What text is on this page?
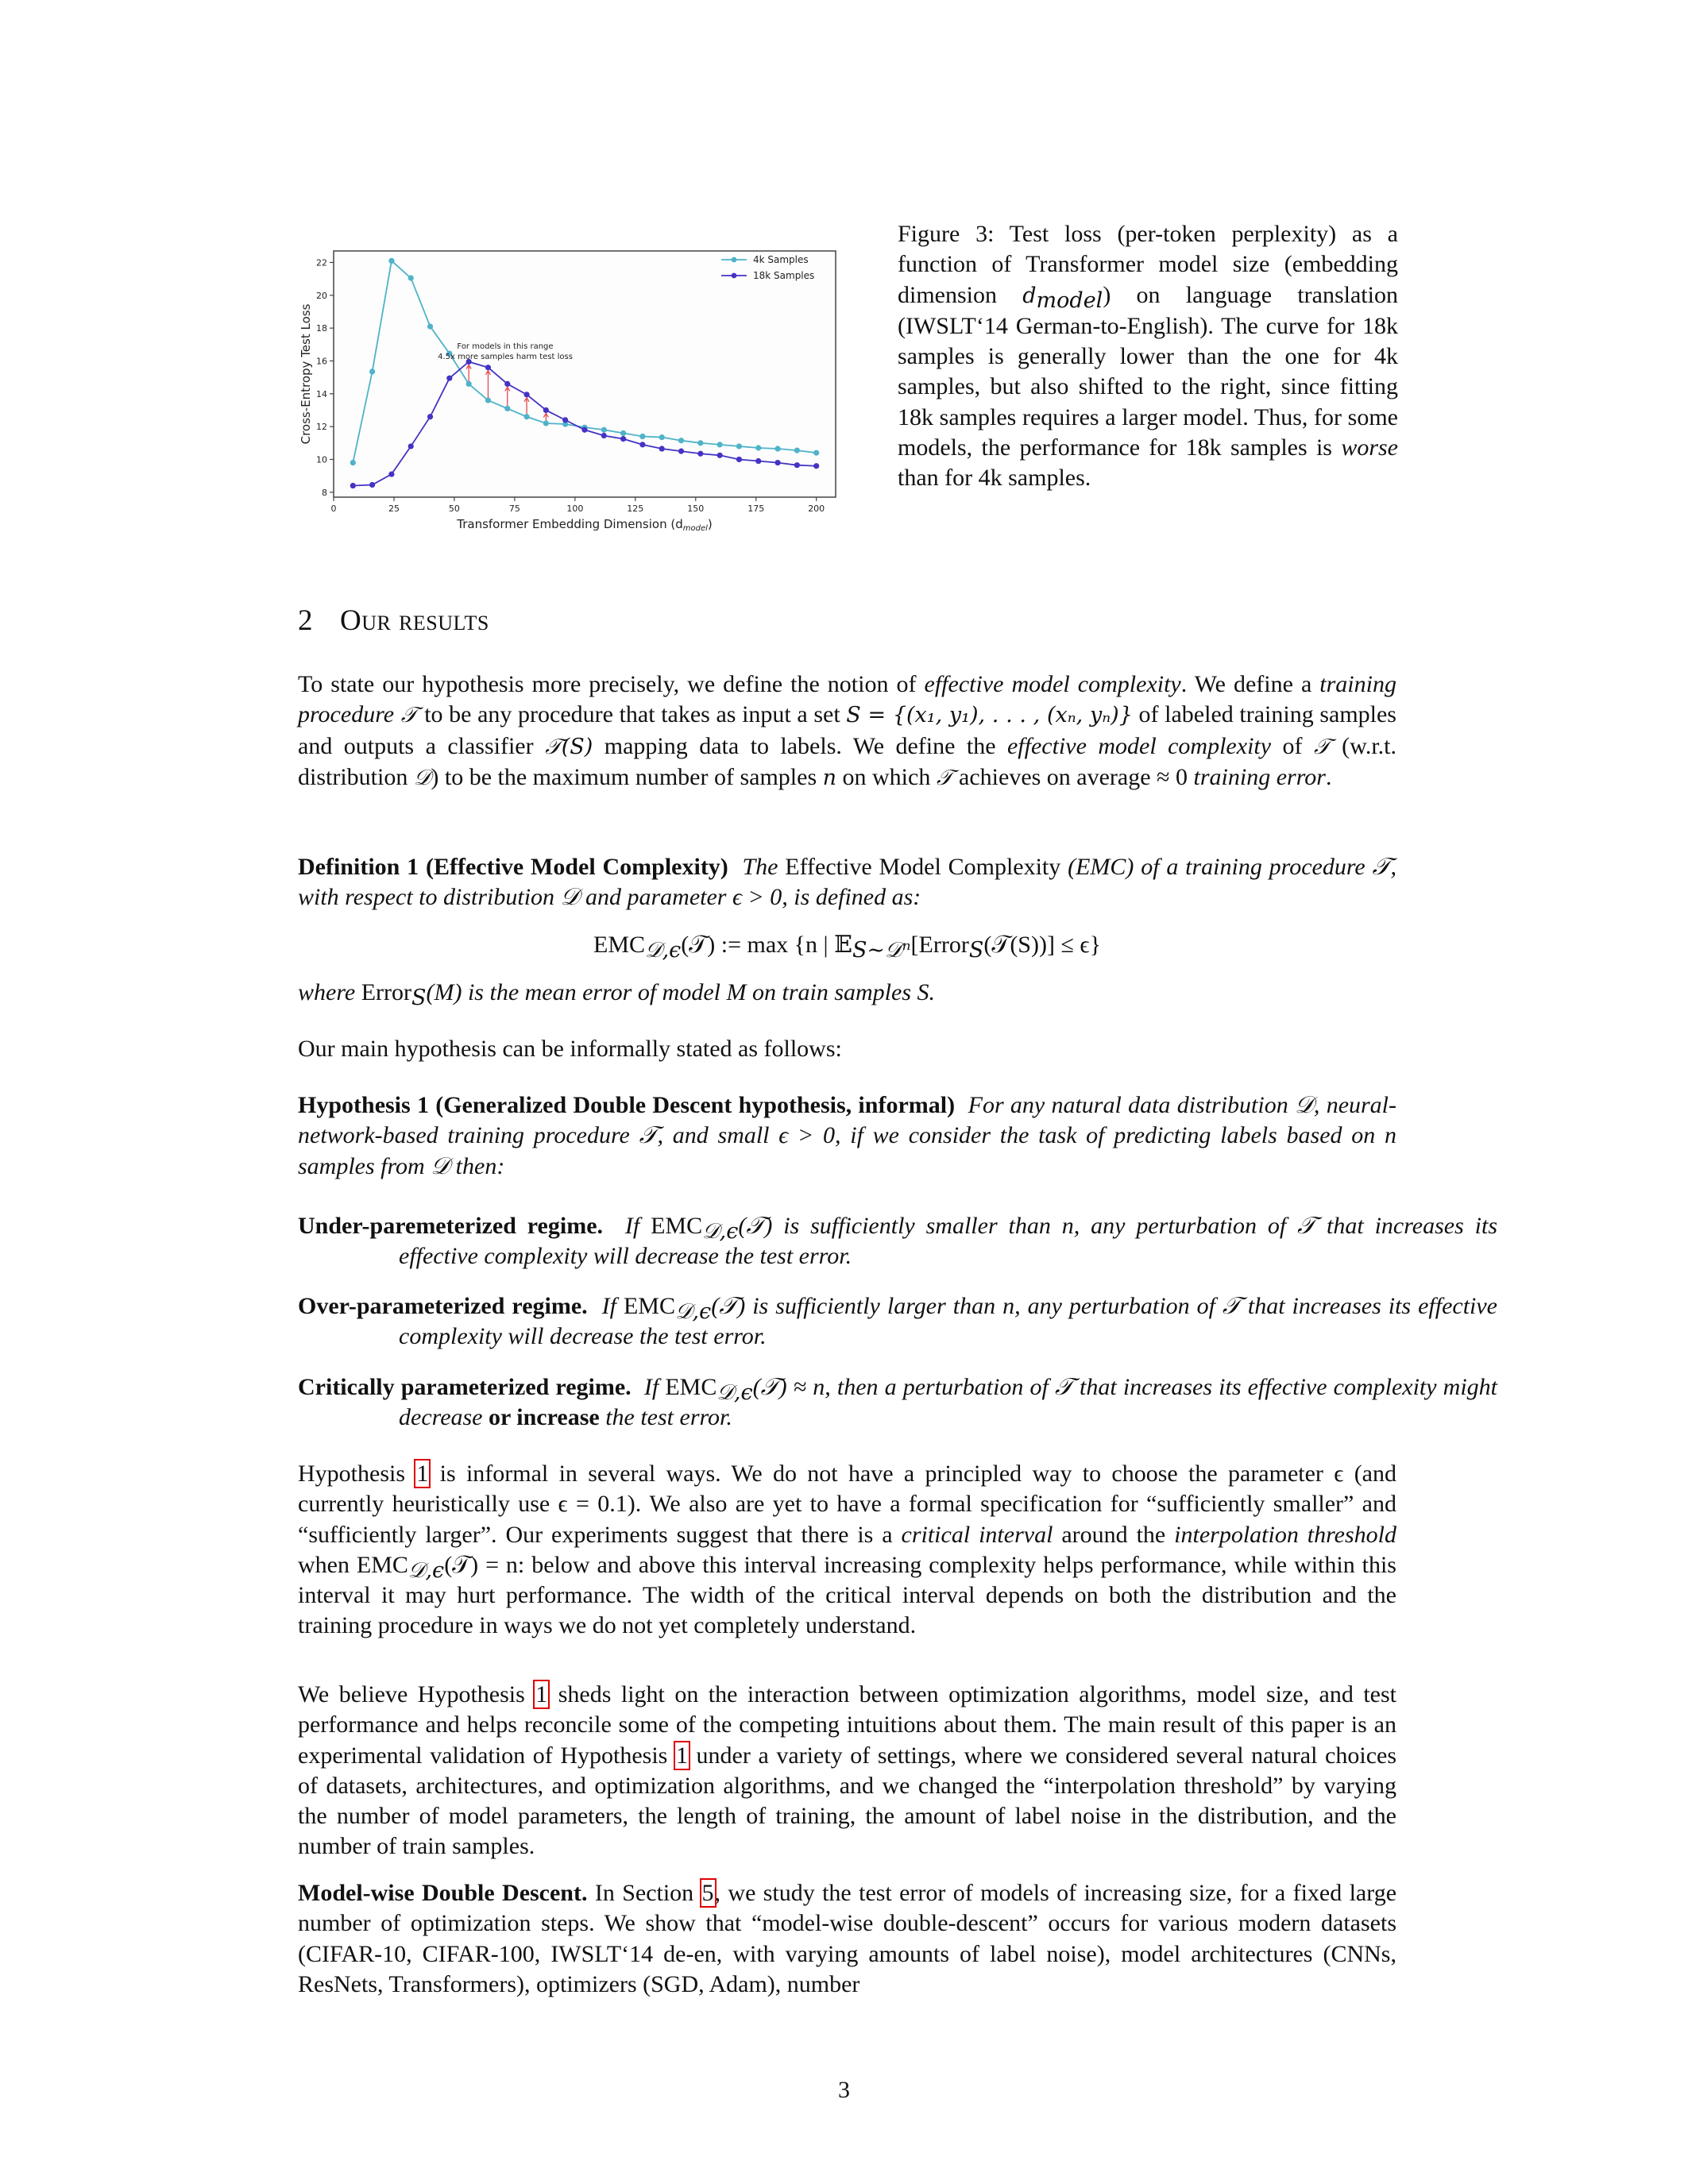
8
10
12
14
16
18
20
22
0	25	50	75	100	125	150	175	200
Cross-Entropy Test Loss
Transformer Embedding Dimension $(d_{model})$
For models in this range
4.5x more samples harm test loss
4k Samples
18k Samples
Figure 3: Test loss (per-token perplexity) as a function of Transformer model size (embedding dimension $d_{model}$) on language translation (IWSLT‘14 German-to-English). The curve for 18k samples is generally lower than the one for 4k samples, but also shifted to the right, since fitting 18k samples requires a larger model. Thus, for some models, the performance for 18k samples is worse than for 4k samples.
2 Our results
To state our hypothesis more precisely, we define the notion of effective model complexity. We define a training procedure 𝒯 to be any procedure that takes as input a set S = {(x₁, y₁), . . . , (xₙ, yₙ)} of labeled training samples and outputs a classifier 𝒯(S) mapping data to labels. We define the effective model complexity of 𝒯 (w.r.t. distribution 𝒟) to be the maximum number of samples n on which 𝒯 achieves on average ≈ 0 training error.
Definition 1 (Effective Model Complexity) The Effective Model Complexity (EMC) of a training procedure 𝒯, with respect to distribution 𝒟 and parameter ϵ > 0, is defined as:
$EMC_{𝒟,\epsilon}(𝒯)$ := max {n | 𝔼$_{S\sim 𝒟^n}$[Error$_S$(𝒯(S))] ≤ ϵ}
where Error$_S$(M) is the mean error of model M on train samples S.
Our main hypothesis can be informally stated as follows:
Hypothesis 1 (Generalized Double Descent hypothesis, informal) For any natural data distribution 𝒟, neural-network-based training procedure 𝒯, and small ϵ > 0, if we consider the task of predicting labels based on n samples from 𝒟 then:
Under-paremeterized regime. If $EMC_{𝒟,\epsilon}(𝒯)$ is sufficiently smaller than n, any perturbation of 𝒯 that increases its effective complexity will decrease the test error.
Over-parameterized regime. If $EMC_{𝒟,\epsilon}(𝒯)$ is sufficiently larger than n, any perturbation of 𝒯 that increases its effective complexity will decrease the test error.
Critically parameterized regime. If $EMC_{𝒟,\epsilon}(𝒯) \approx n$, then a perturbation of 𝒯 that increases its effective complexity might decrease or increase the test error.
Hypothesis 1 is informal in several ways. We do not have a principled way to choose the parameter ϵ (and currently heuristically use ϵ = 0.1). We also are yet to have a formal specification for “sufficiently smaller” and “sufficiently larger”. Our experiments suggest that there is a critical interval around the interpolation threshold when $EMC_{𝒟,\epsilon}(𝒯) = n$: below and above this interval increasing complexity helps performance, while within this interval it may hurt performance. The width of the critical interval depends on both the distribution and the training procedure in ways we do not yet completely understand.
We believe Hypothesis 1 sheds light on the interaction between optimization algorithms, model size, and test performance and helps reconcile some of the competing intuitions about them. The main result of this paper is an experimental validation of Hypothesis 1 under a variety of settings, where we considered several natural choices of datasets, architectures, and optimization algorithms, and we changed the “interpolation threshold” by varying the number of model parameters, the length of training, the amount of label noise in the distribution, and the number of train samples.
Model-wise Double Descent. In Section 5, we study the test error of models of increasing size, for a fixed large number of optimization steps. We show that “model-wise double-descent” occurs for various modern datasets (CIFAR-10, CIFAR-100, IWSLT‘14 de-en, with varying amounts of label noise), model architectures (CNNs, ResNets, Transformers), optimizers (SGD, Adam), number
3
